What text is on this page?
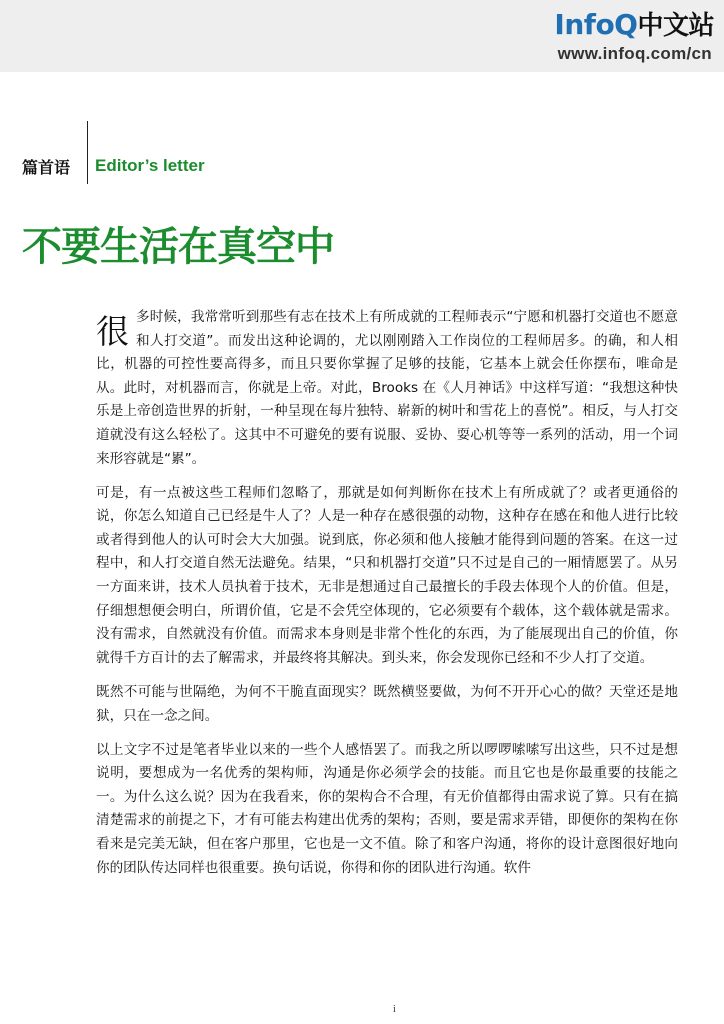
InfoQ中文站
www.infoq.com/cn
篇首语 Editor’s letter
不要生活在真空中

很多时候，我常常听到那些有志在技术上有所成就的工程师表示“宁愿和机器打交道也不愿意和人打交道”。而发出这种论调的，尤以刚刚踏入工作岗位的工程师居多。的确，和人相比，机器的可控性要高得多，而且只要你掌握了足够的技能，它基本上就会任你摆布，唯命是从。此时，对机器而言，你就是上帝。对此，Brooks 在《人月神话》中这样写道：“我想这种快乐是上帝创造世界的折射，一种呈现在每片独特、崭新的树叶和雪花上的喜悦”。相反，与人打交道就没有这么轻松了。这其中不可避免的要有说服、妥协、耍心机等等一系列的活动，用一个词来形容就是“累”。

可是，有一点被这些工程师们忽略了，那就是如何判断你在技术上有所成就了？或者更通俗的说，你怎么知道自己已经是牛人了？人是一种存在感很强的动物，这种存在感在和他人进行比较或者得到他人的认可时会大大加强。说到底，你必须和他人接触才能得到问题的答案。在这一过程中，和人打交道自然无法避免。结果，“只和机器打交道”只不过是自己的一厢情愿罢了。从另一方面来讲，技术人员执着于技术，无非是想通过自己最擅长的手段去体现个人的价值。但是，仔细想想便会明白，所谓价值，它是不会凭空体现的，它必须要有个载体，这个载体就是需求。没有需求，自然就没有价值。而需求本身则是非常个性化的东西，为了能展现出自己的价值，你就得千方百计的去了解需求，并最终将其解决。到头来，你会发现你已经和不少人打了交道。

既然不可能与世隔绝，为何不干脆直面现实？既然横竖要做，为何不开开心心的做？天堂还是地狱，只在一念之间。

以上文字不过是笔者毕业以来的一些个人感悟罢了。而我之所以啰啰嗦嗦写出这些，只不过是想说明，要想成为一名优秀的架构师，沟通是你必须学会的技能。而且它也是你最重要的技能之一。为什么这么说？因为在我看来，你的架构合不合理，有无价值都得由需求说了算。只有在搞清楚需求的前提之下，才有可能去构建出优秀的架构；否则，要是需求弄错，即便你的架构在你看来是完美无缺，但在客户那里，它也是一文不值。除了和客户沟通，将你的设计意图很好地向你的团队传达同样也很重要。换句话说，你得和你的团队进行沟通。软件

i
